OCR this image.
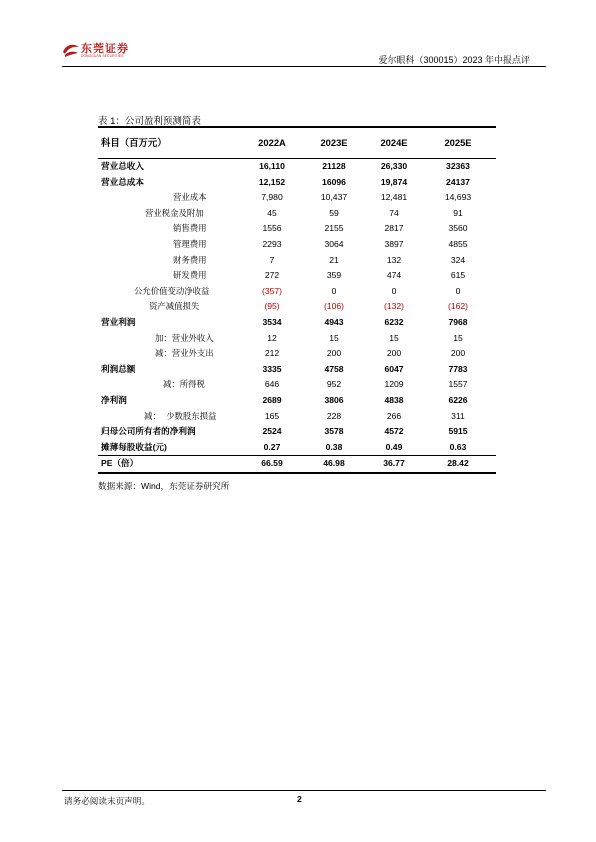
东莞证券
DONGGUAN SECURITIES	爱尔眼科（300015）2023 年中报点评
表 1：公司盈利预测简表
科目（百万元）	2022A	2023E	2024E	2025E
营业总收入	16,110	21128	26,330	32363
营业总成本	12,152	16096	19,874	24137
营业成本	7,980	10,437	12,481	14,693
营业税金及附加	45	59	74	91
销售费用	1556	2155	2817	3560
管理费用	2293	3064	3897	4855
财务费用	7	21	132	324
研发费用	272	359	474	615
公允价值变动净收益	(357)	0	0	0
资产减值损失	(95)	(106)	(132)	(162)
营业利润	3534	4943	6232	7968
加：营业外收入	12	15	15	15
减：营业外支出	212	200	200	200
利润总额	3335	4758	6047	7783
减：所得税	646	952	1209	1557
净利润	2689	3806	4838	6226
减：  少数股东损益	165	228	266	311
归母公司所有者的净利润	2524	3578	4572	5915
摊薄每股收益(元)	0.27	0.38	0.49	0.63
PE（倍）	66.59	46.98	36.77	28.42
数据来源：Wind，东莞证券研究所
请务必阅读末页声明。	2
